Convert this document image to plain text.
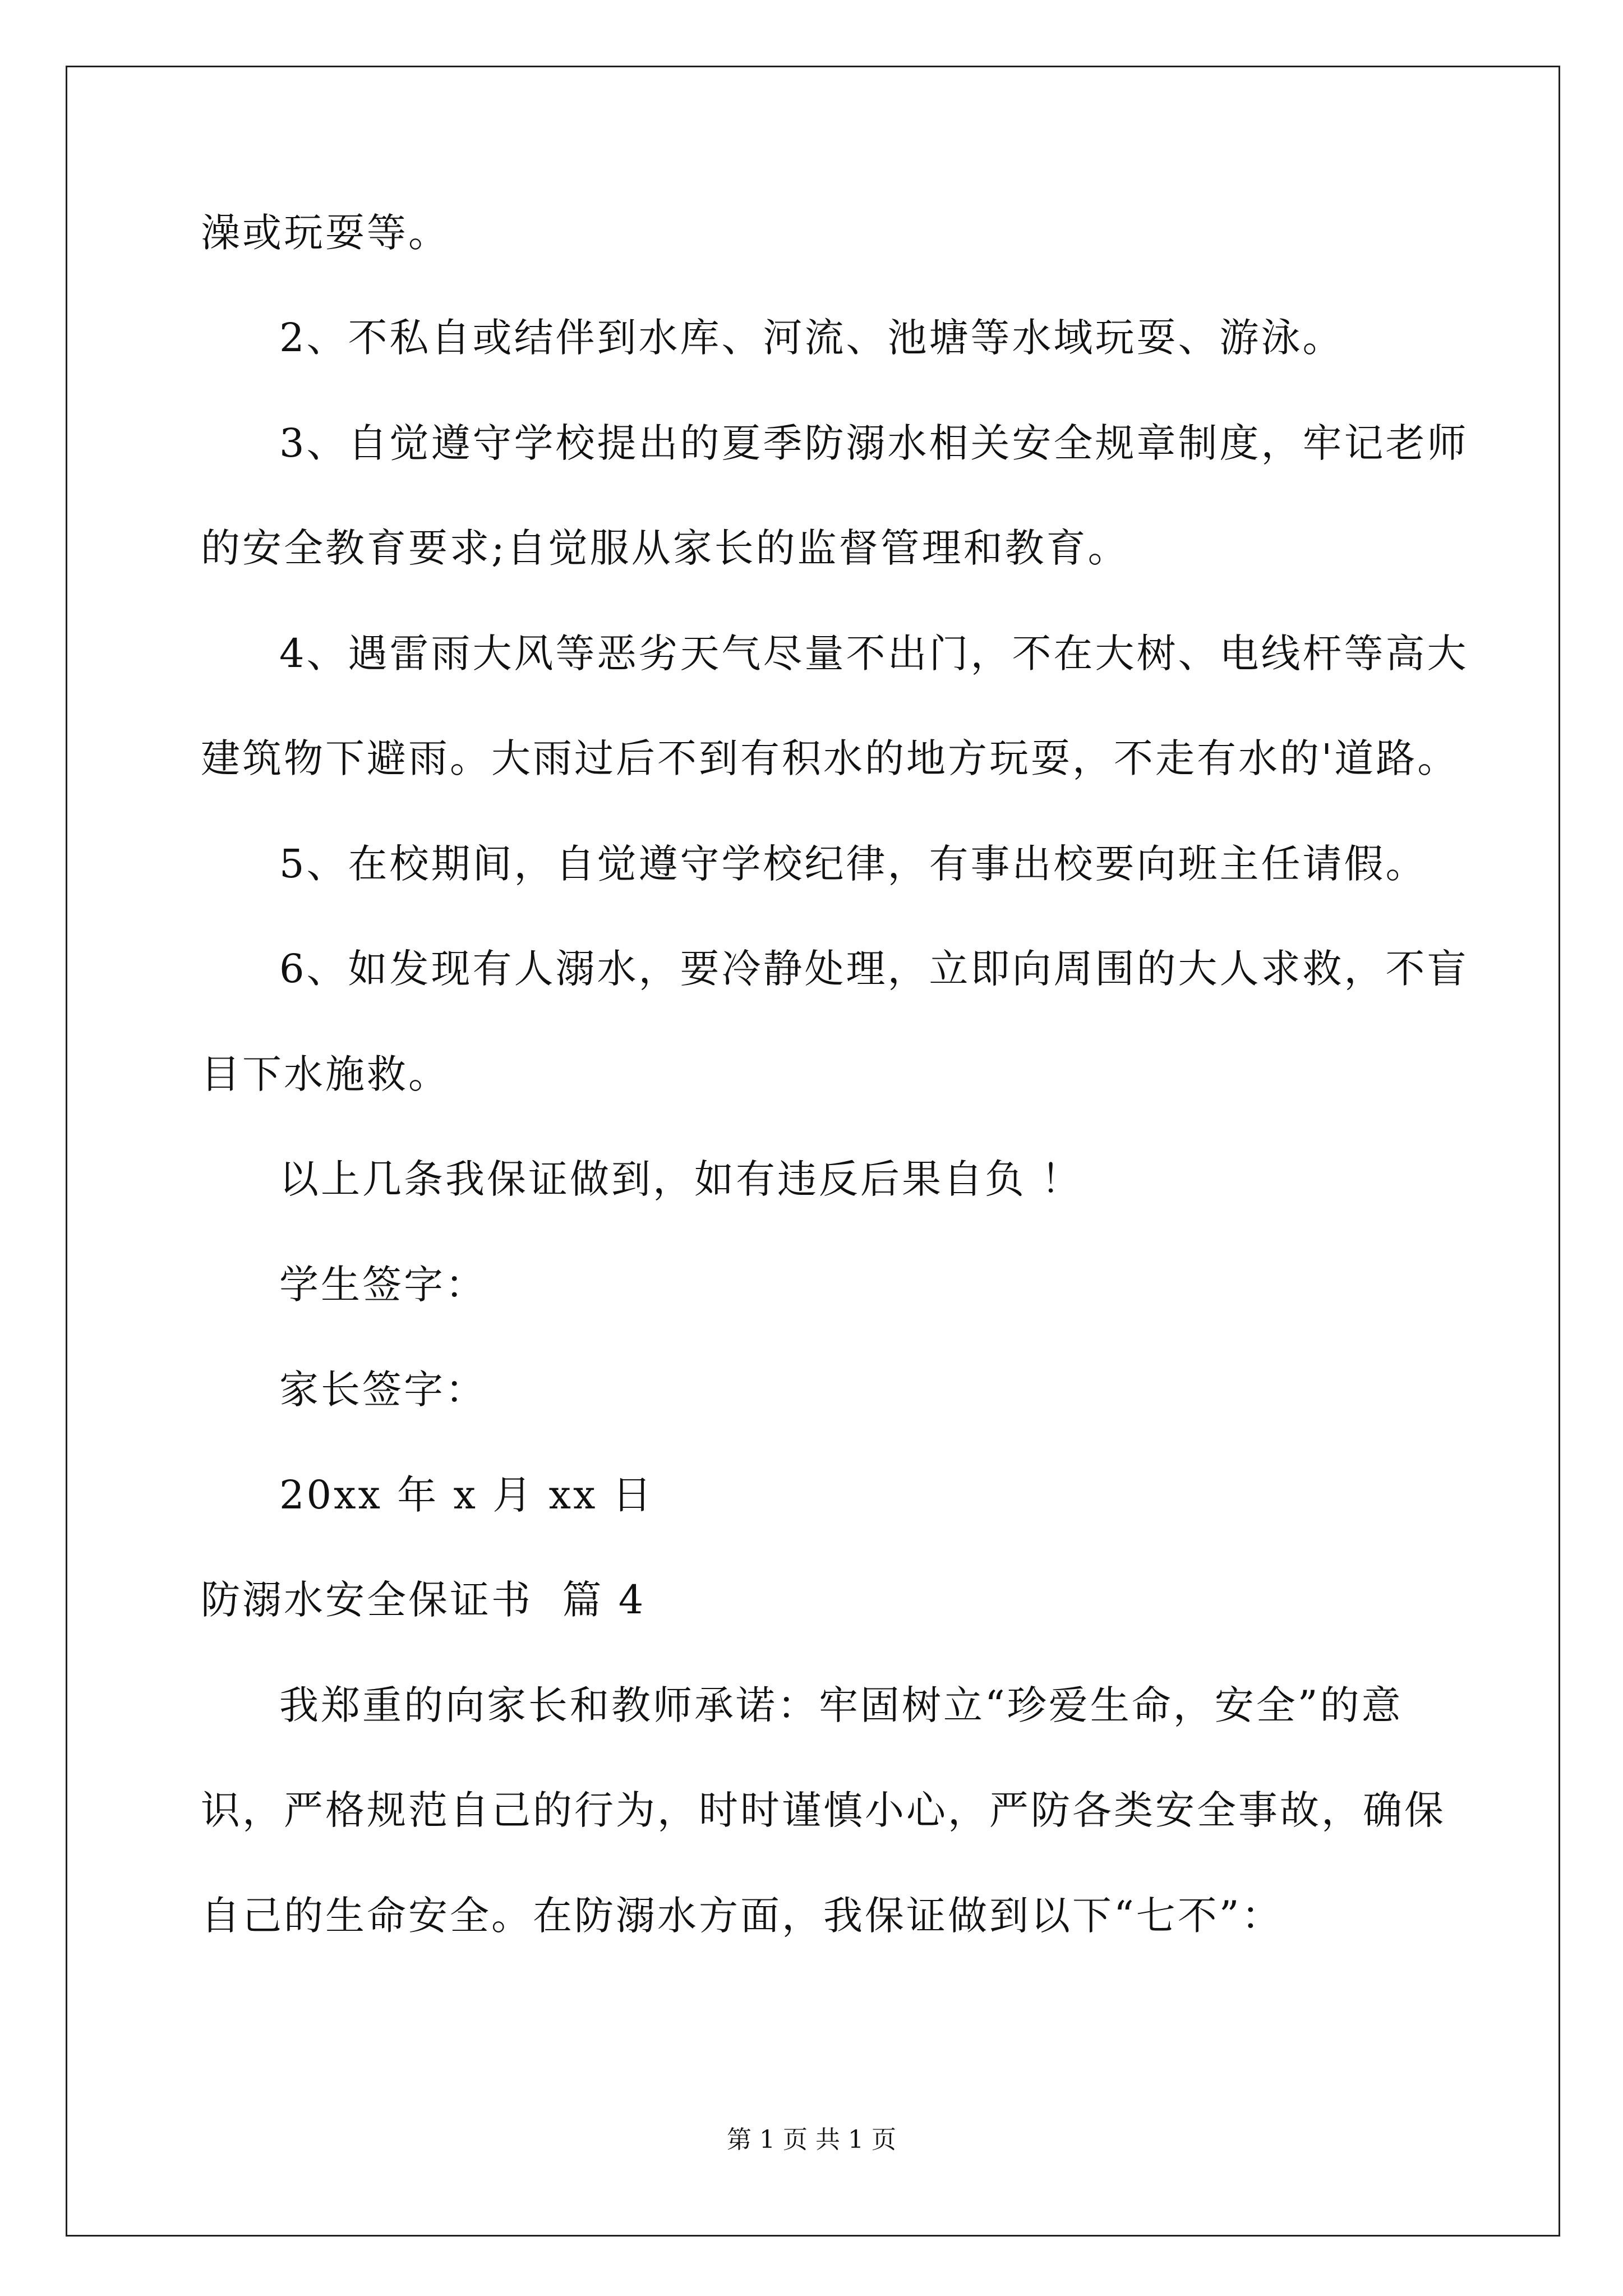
澡或玩耍等。
2、不私自或结伴到水库、河流、池塘等水域玩耍、游泳。
3、自觉遵守学校提出的夏季防溺水相关安全规章制度，牢记老师
的安全教育要求;自觉服从家长的监督管理和教育。
4、遇雷雨大风等恶劣天气尽量不出门，不在大树、电线杆等高大
建筑物下避雨。大雨过后不到有积水的地方玩耍，不走有水的'道路。
5、在校期间，自觉遵守学校纪律，有事出校要向班主任请假。
6、如发现有人溺水，要冷静处理，立即向周围的大人求救，不盲
目下水施救。
以上几条我保证做到，如有违反后果自负 ！
学生签字：
家长签字：
20xx 年 x 月 xx 日
防溺水安全保证书  篇 4
我郑重的向家长和教师承诺：牢固树立“珍爱生命，安全”的意
识，严格规范自己的行为，时时谨慎小心，严防各类安全事故，确保
自己的生命安全。在防溺水方面，我保证做到以下“七不”：
第 1 页 共 1 页
